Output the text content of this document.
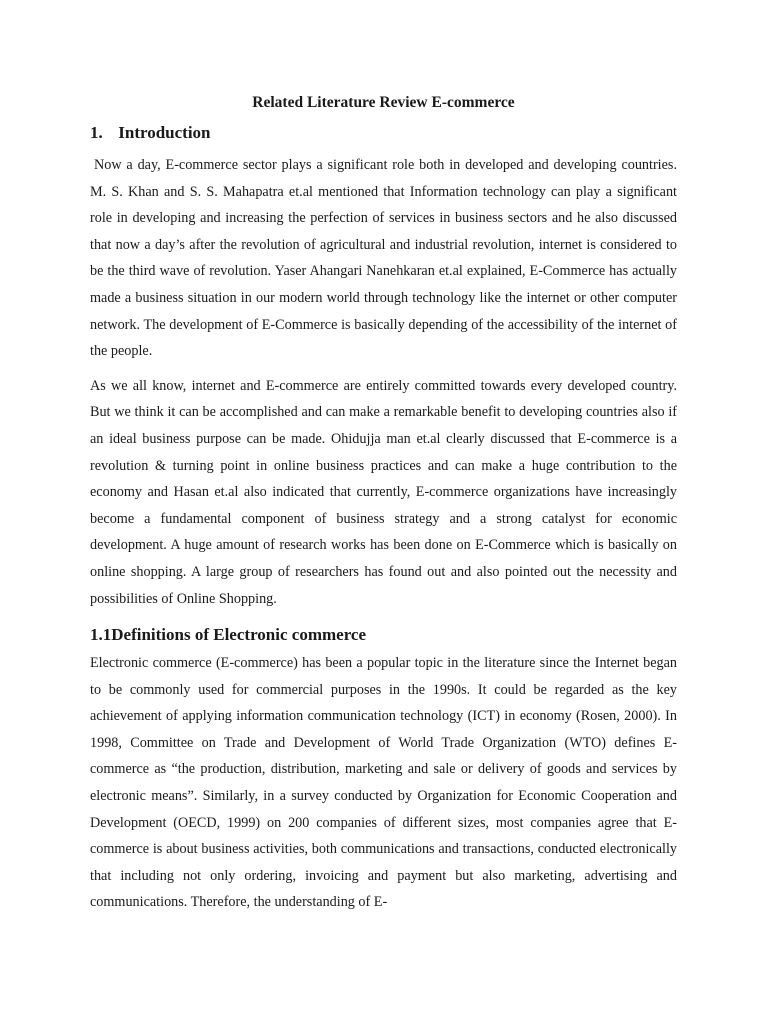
Related Literature Review E-commerce
1. Introduction

Now a day, E-commerce sector plays a significant role both in developed and developing countries. M. S. Khan and S. S. Mahapatra et.al mentioned that Information technology can play a significant role in developing and increasing the perfection of services in business sectors and he also discussed that now a day’s after the revolution of agricultural and industrial revolution, internet is considered to be the third wave of revolution. Yaser Ahangari Nanehkaran et.al explained, E-Commerce has actually made a business situation in our modern world through technology like the internet or other computer network. The development of E-Commerce is basically depending of the accessibility of the internet of the people.

As we all know, internet and E-commerce are entirely committed towards every developed country. But we think it can be accomplished and can make a remarkable benefit to developing countries also if an ideal business purpose can be made. Ohidujja man et.al clearly discussed that E-commerce is a revolution & turning point in online business practices and can make a huge contribution to the economy and Hasan et.al also indicated that currently, E-commerce organizations have increasingly become a fundamental component of business strategy and a strong catalyst for economic development. A huge amount of research works has been done on E-Commerce which is basically on online shopping. A large group of researchers has found out and also pointed out the necessity and possibilities of Online Shopping.

1.1Definitions of Electronic commerce

Electronic commerce (E-commerce) has been a popular topic in the literature since the Internet began to be commonly used for commercial purposes in the 1990s. It could be regarded as the key achievement of applying information communication technology (ICT) in economy (Rosen, 2000). In 1998, Committee on Trade and Development of World Trade Organization (WTO) defines E-commerce as “the production, distribution, marketing and sale or delivery of goods and services by electronic means”. Similarly, in a survey conducted by Organization for Economic Cooperation and Development (OECD, 1999) on 200 companies of different sizes, most companies agree that E-commerce is about business activities, both communications and transactions, conducted electronically that including not only ordering, invoicing and payment but also marketing, advertising and communications. Therefore, the understanding of E-
